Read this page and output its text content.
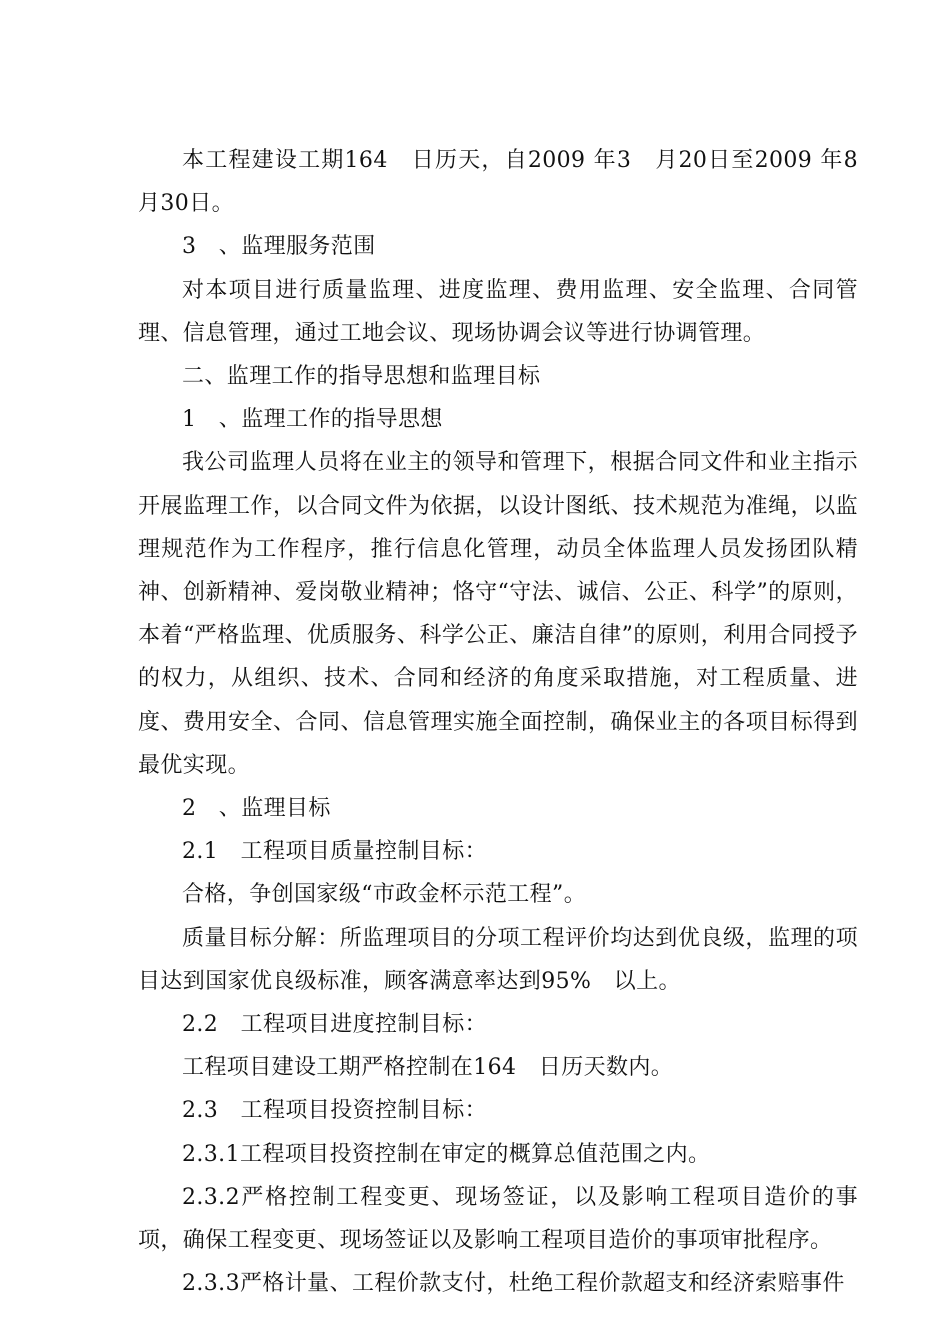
本工程建设工期164　日历天，自2009 年3　月20日至2009 年8　月30日。

3　、监理服务范围

对本项目进行质量监理、进度监理、费用监理、安全监理、合同管理、信息管理，通过工地会议、现场协调会议等进行协调管理。

二、监理工作的指导思想和监理目标

1　、监理工作的指导思想

我公司监理人员将在业主的领导和管理下，根据合同文件和业主指示开展监理工作，以合同文件为依据，以设计图纸、技术规范为准绳，以监理规范作为工作程序，推行信息化管理，动员全体监理人员发扬团队精神、创新精神、爱岗敬业精神；恪守“守法、诚信、公正、科学”的原则，本着“严格监理、优质服务、科学公正、廉洁自律”的原则，利用合同授予的权力，从组织、技术、合同和经济的角度采取措施，对工程质量、进度、费用安全、合同、信息管理实施全面控制，确保业主的各项目标得到最优实现。

2　、监理目标

2.1　工程项目质量控制目标：

合格，争创国家级“市政金杯示范工程”。

质量目标分解：所监理项目的分项工程评价均达到优良级，监理的项目达到国家优良级标准，顾客满意率达到95%　以上。

2.2　工程项目进度控制目标：

工程项目建设工期严格控制在164　日历天数内。

2.3　工程项目投资控制目标：

2.3.1工程项目投资控制在审定的概算总值范围之内。

2.3.2严格控制工程变更、现场签证，以及影响工程项目造价的事项，确保工程变更、现场签证以及影响工程项目造价的事项审批程序。

2.3.3严格计量、工程价款支付，杜绝工程价款超支和经济索赔事件
